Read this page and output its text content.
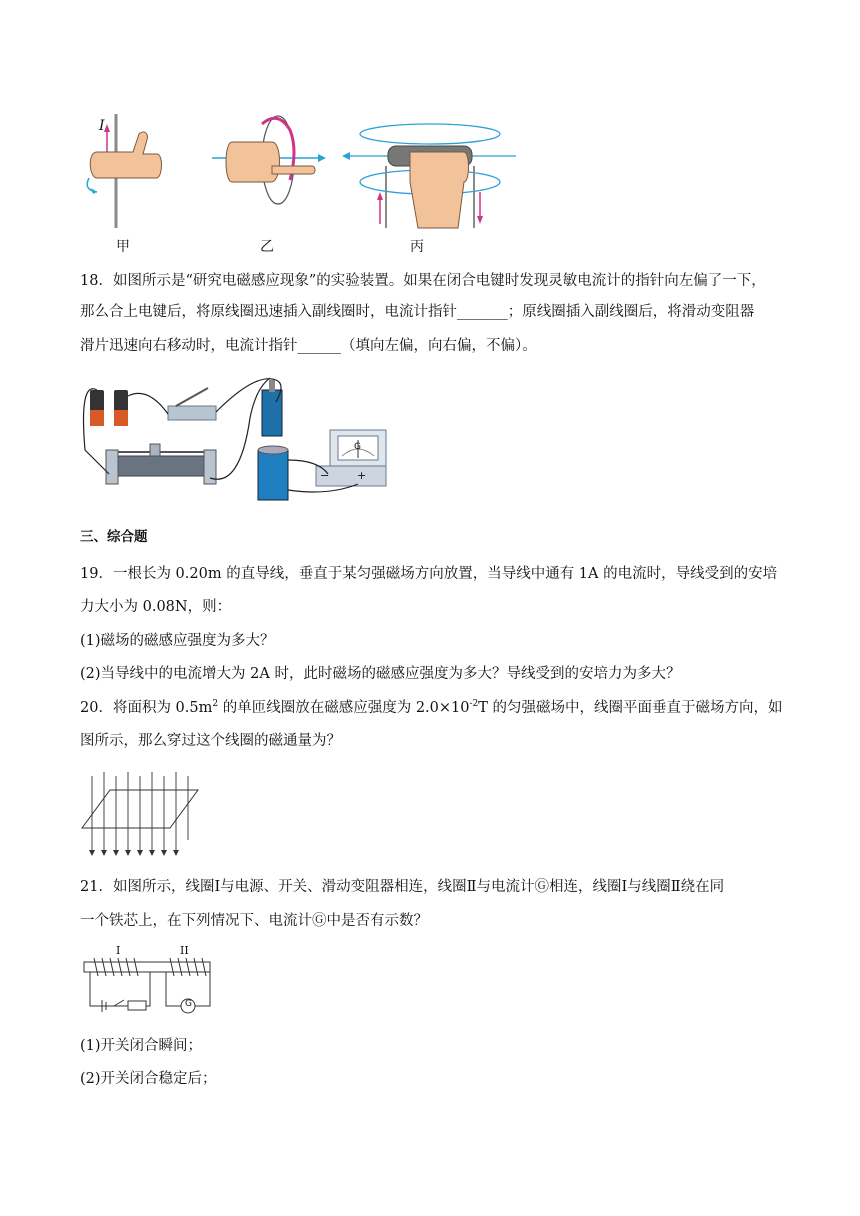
I
甲	乙	丙
18．如图所示是“研究电磁感应现象”的实验装置。如果在闭合电键时发现灵敏电流计的指针向左偏了一下，
那么合上电键后，将原线圈迅速插入副线圈时，电流计指针_______；原线圈插入副线圈后，将滑动变阻器
滑片迅速向右移动时，电流计指针______（填向左偏，向右偏，不偏）。
G
−	+
三、综合题
19．一根长为 0.20m 的直导线，垂直于某匀强磁场方向放置，当导线中通有 1A 的电流时，导线受到的安培
力大小为 0.08N，则：
(1)磁场的磁感应强度为多大？
(2)当导线中的电流增大为 2A 时，此时磁场的磁感应强度为多大？导线受到的安培力为多大？
20．将面积为 $0.5m^2$ 的单匝线圈放在磁感应强度为 $2.0\times 10^{-2}T$ 的匀强磁场中，线圈平面垂直于磁场方向，如
图所示，那么穿过这个线圈的磁通量为？
21．如图所示，线圈Ⅰ与电源、开关、滑动变阻器相连，线圈Ⅱ与电流计Ⓖ相连，线圈Ⅰ与线圈Ⅱ绕在同
一个铁芯上，在下列情况下、电流计Ⓖ中是否有示数？
I	II
G
(1)开关闭合瞬间；
(2)开关闭合稳定后；
